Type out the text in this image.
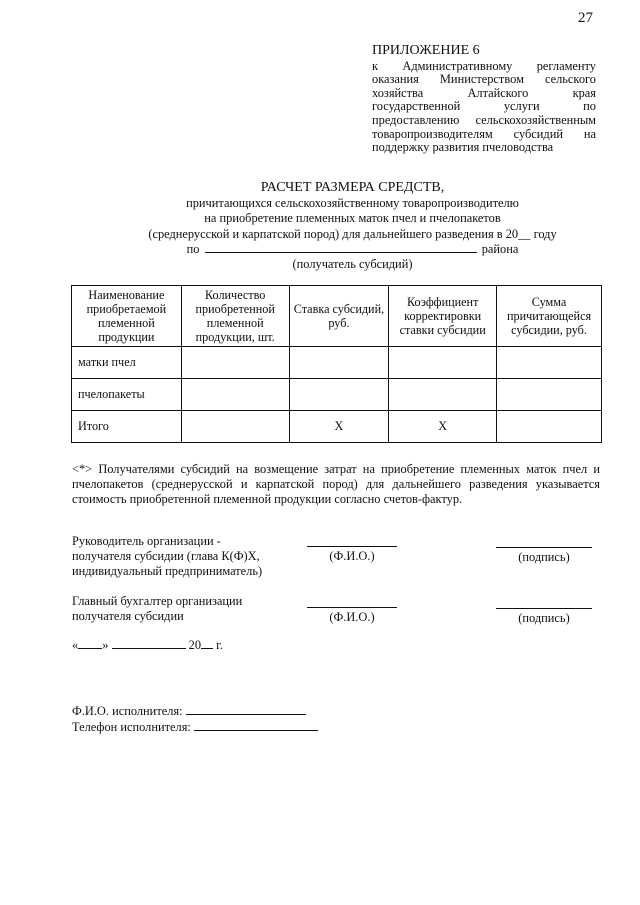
27
ПРИЛОЖЕНИЕ 6
к Административному регламенту оказания Министерством сельского хозяйства Алтайского края государственной услуги по предоставлению сельскохозяйственным товаропроизводителям субсидий на поддержку развития пчеловодства
РАСЧЕТ РАЗМЕРА СРЕДСТВ,
причитающихся сельскохозяйственному товаропроизводителю
на приобретение племенных маток пчел и пчелопакетов
(среднерусской и карпатской пород) для дальнейшего разведения в 20__ году
по	района
(получатель субсидий)
Наименование приобретаемой племенной продукции	Количество приобретенной племенной продукции, шт.	Ставка субсидий, руб.	Коэффициент корректировки ставки субсидии	Сумма причитающейся субсидии, руб.
матки пчел				
пчелопакеты				
Итого		X	X	
<*> Получателями субсидий на возмещение затрат на приобретение племенных маток пчел и пчелопакетов (среднерусской и карпатской пород) для дальнейшего разведения указывается стоимость приобретенной племенной продукции согласно счетов-фактур.
Руководитель организации -
получателя субсидии (глава К(Ф)Х,
индивидуальный предприниматель)
(Ф.И.О.)	(подпись)
Главный бухгалтер организации
получателя субсидии	(Ф.И.О.)	(подпись)
« »	20 г.
Ф.И.О. исполнителя:
Телефон исполнителя:
